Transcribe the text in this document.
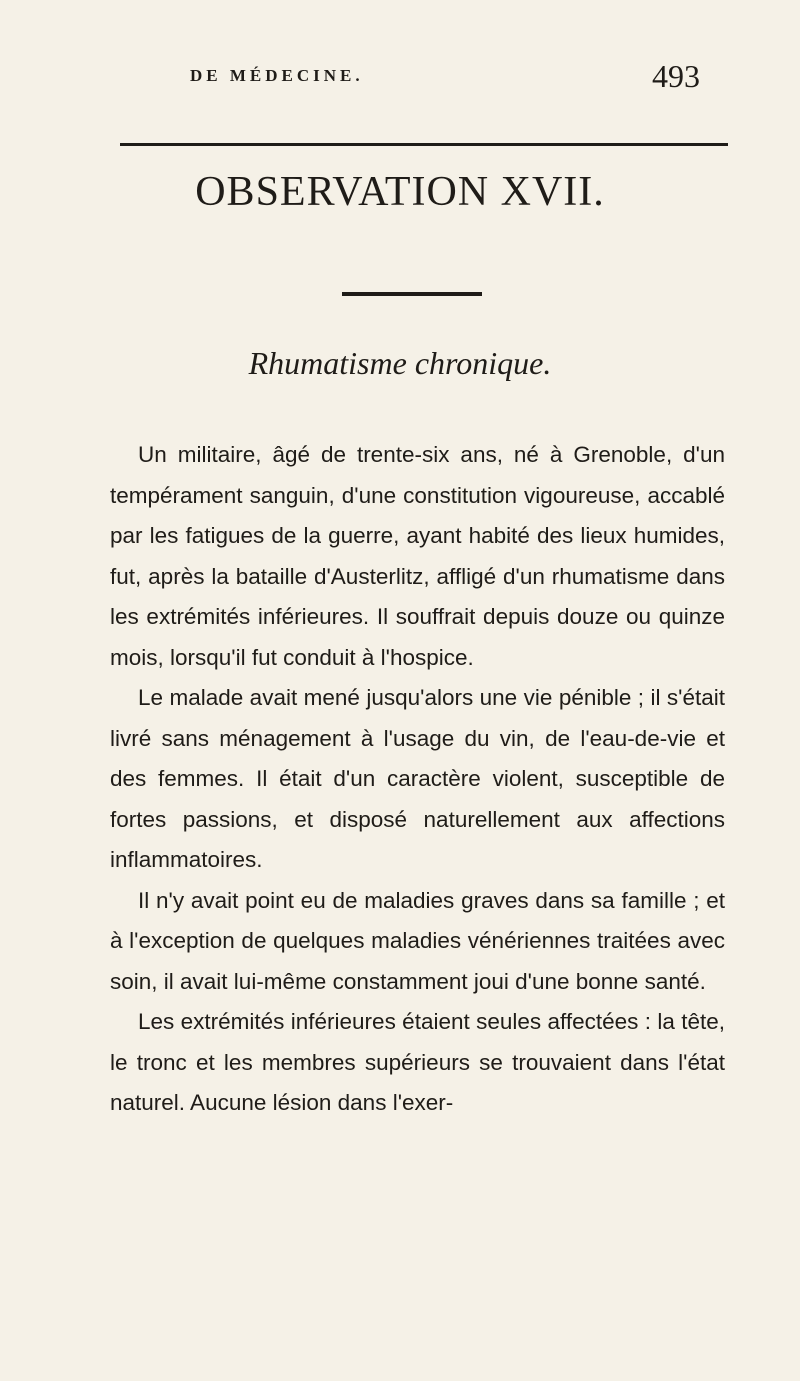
DE MÉDECINE.	493
OBSERVATION XVII.
Rhumatisme chronique.

Un militaire, âgé de trente-six ans, né à Grenoble, d'un tempérament sanguin, d'une constitution vigoureuse, accablé par les fatigues de la guerre, ayant habité des lieux humides, fut, après la bataille d'Austerlitz, affligé d'un rhumatisme dans les extrémités inférieures. Il souffrait depuis douze ou quinze mois, lorsqu'il fut conduit à l'hospice.

Le malade avait mené jusqu'alors une vie pénible ; il s'était livré sans ménagement à l'usage du vin, de l'eau-de-vie et des femmes. Il était d'un caractère violent, susceptible de fortes passions, et disposé naturellement aux affections inflammatoires.

Il n'y avait point eu de maladies graves dans sa famille ; et à l'exception de quelques maladies vénériennes traitées avec soin, il avait lui-même constamment joui d'une bonne santé.

Les extrémités inférieures étaient seules affectées : la tête, le tronc et les membres supérieurs se trouvaient dans l'état naturel. Aucune lésion dans l'exer-
